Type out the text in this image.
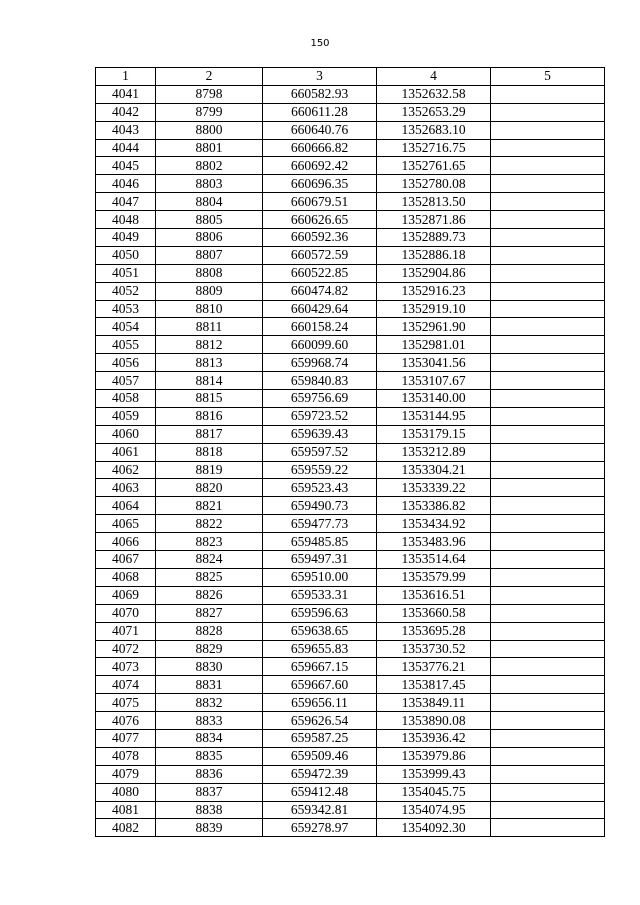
150
1	2	3	4	5
4041	8798	660582.93	1352632.58	
4042	8799	660611.28	1352653.29	
4043	8800	660640.76	1352683.10	
4044	8801	660666.82	1352716.75	
4045	8802	660692.42	1352761.65	
4046	8803	660696.35	1352780.08	
4047	8804	660679.51	1352813.50	
4048	8805	660626.65	1352871.86	
4049	8806	660592.36	1352889.73	
4050	8807	660572.59	1352886.18	
4051	8808	660522.85	1352904.86	
4052	8809	660474.82	1352916.23	
4053	8810	660429.64	1352919.10	
4054	8811	660158.24	1352961.90	
4055	8812	660099.60	1352981.01	
4056	8813	659968.74	1353041.56	
4057	8814	659840.83	1353107.67	
4058	8815	659756.69	1353140.00	
4059	8816	659723.52	1353144.95	
4060	8817	659639.43	1353179.15	
4061	8818	659597.52	1353212.89	
4062	8819	659559.22	1353304.21	
4063	8820	659523.43	1353339.22	
4064	8821	659490.73	1353386.82	
4065	8822	659477.73	1353434.92	
4066	8823	659485.85	1353483.96	
4067	8824	659497.31	1353514.64	
4068	8825	659510.00	1353579.99	
4069	8826	659533.31	1353616.51	
4070	8827	659596.63	1353660.58	
4071	8828	659638.65	1353695.28	
4072	8829	659655.83	1353730.52	
4073	8830	659667.15	1353776.21	
4074	8831	659667.60	1353817.45	
4075	8832	659656.11	1353849.11	
4076	8833	659626.54	1353890.08	
4077	8834	659587.25	1353936.42	
4078	8835	659509.46	1353979.86	
4079	8836	659472.39	1353999.43	
4080	8837	659412.48	1354045.75	
4081	8838	659342.81	1354074.95	
4082	8839	659278.97	1354092.30	
